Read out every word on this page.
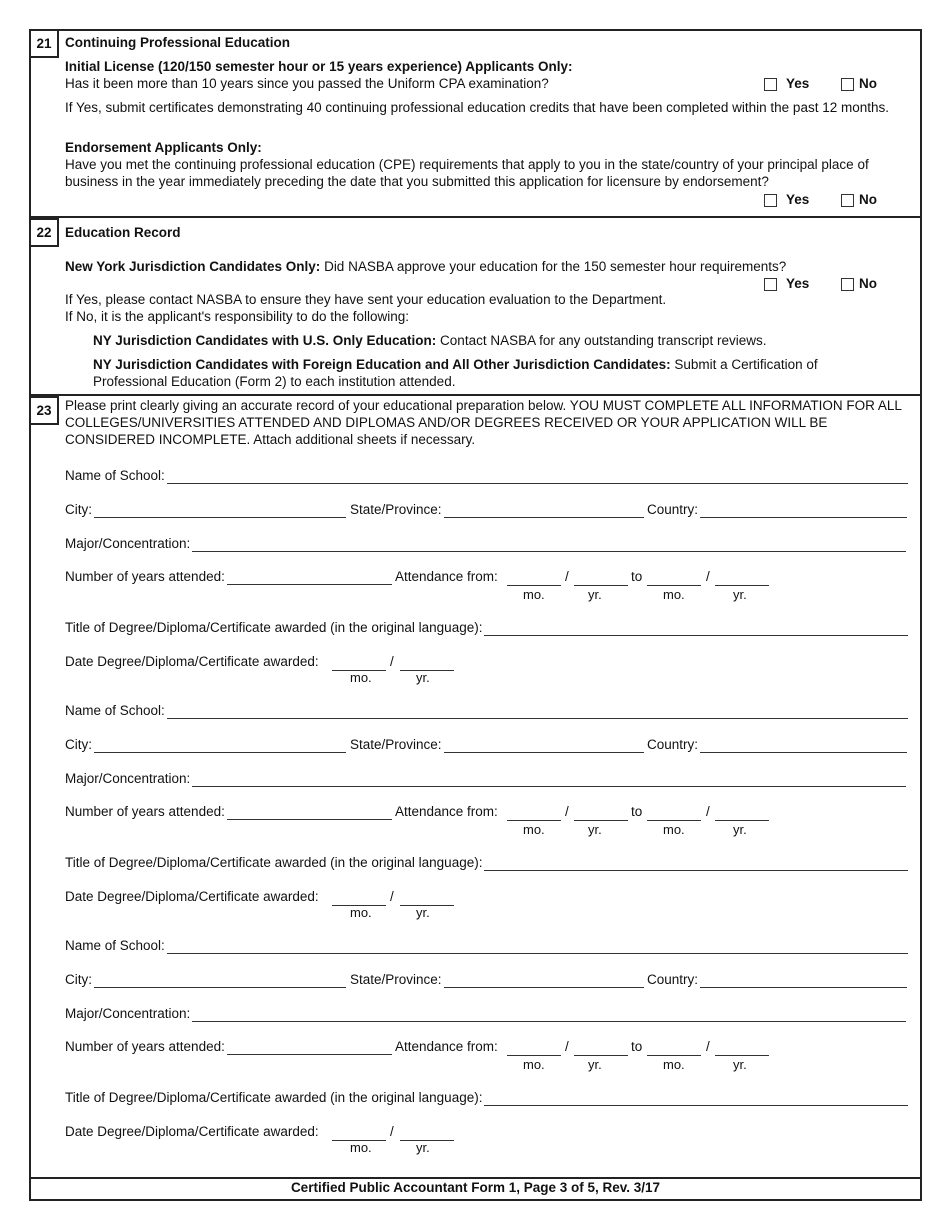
21 Continuing Professional Education
Initial License (120/150 semester hour or 15 years experience) Applicants Only:
Has it been more than 10 years since you passed the Uniform CPA examination?	Yes	No
If Yes, submit certificates demonstrating 40 continuing professional education credits that have been completed within the past 12 months.
Endorsement Applicants Only:
Have you met the continuing professional education (CPE) requirements that apply to you in the state/country of your principal place of business in the year immediately preceding the date that you submitted this application for licensure by endorsement?
Yes	No
22 Education Record
New York Jurisdiction Candidates Only: Did NASBA approve your education for the 150 semester hour requirements?
Yes	No
If Yes, please contact NASBA to ensure they have sent your education evaluation to the Department.
If No, it is the applicant's responsibility to do the following:
NY Jurisdiction Candidates with U.S. Only Education: Contact NASBA for any outstanding transcript reviews.
NY Jurisdiction Candidates with Foreign Education and All Other Jurisdiction Candidates: Submit a Certification of Professional Education (Form 2) to each institution attended.
23 Please print clearly giving an accurate record of your educational preparation below. YOU MUST COMPLETE ALL INFORMATION FOR ALL COLLEGES/UNIVERSITIES ATTENDED AND DIPLOMAS AND/OR DEGREES RECEIVED OR YOUR APPLICATION WILL BE CONSIDERED INCOMPLETE. Attach additional sheets if necessary.
Name of School:
City:	State/Province:	Country:
Major/Concentration:
Number of years attended:	Attendance from:	/	to	/
mo.	yr.	mo.	yr.
Title of Degree/Diploma/Certificate awarded (in the original language):
Date Degree/Diploma/Certificate awarded:	/
mo.	yr.
Name of School:
City:	State/Province:	Country:
Major/Concentration:
Number of years attended:	Attendance from:	/	to	/
mo.	yr.	mo.	yr.
Title of Degree/Diploma/Certificate awarded (in the original language):
Date Degree/Diploma/Certificate awarded:	/
mo.	yr.
Name of School:
City:	State/Province:	Country:
Major/Concentration:
Number of years attended:	Attendance from:	/	to	/
mo.	yr.	mo.	yr.
Title of Degree/Diploma/Certificate awarded (in the original language):
Date Degree/Diploma/Certificate awarded:	/
mo.	yr.
Certified Public Accountant Form 1, Page 3 of 5, Rev. 3/17
